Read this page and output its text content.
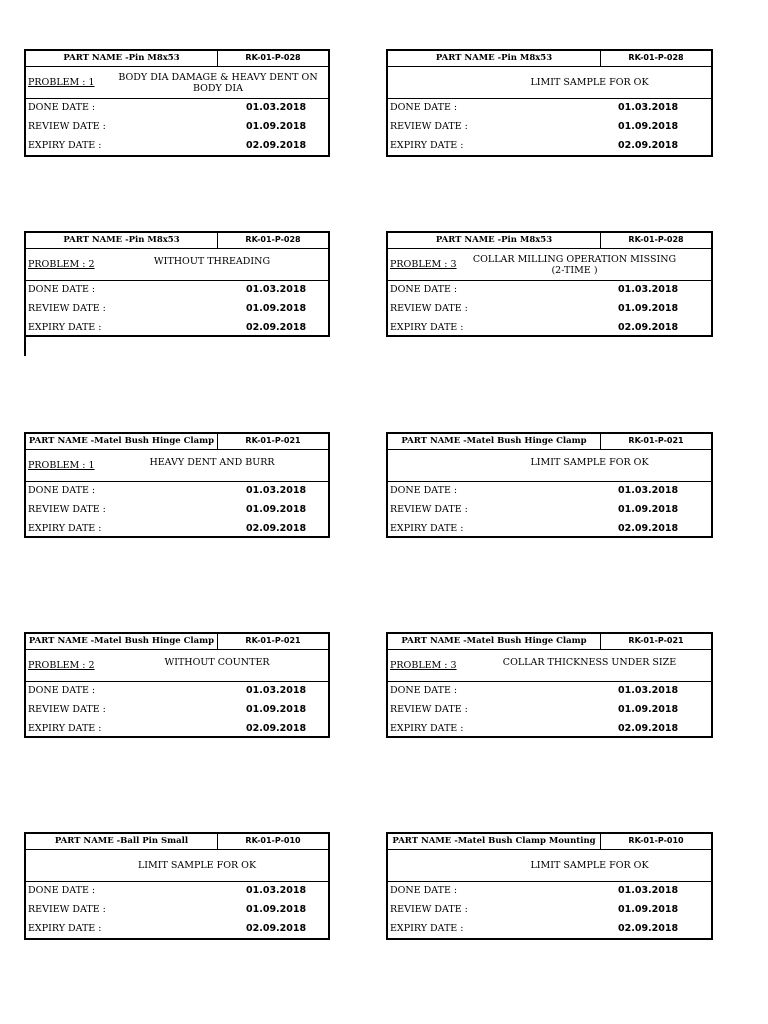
PART NAME -Pin M8x53	RK-01-P-028
PROBLEM : 1	BODY DIA DAMAGE & HEAVY DENT ON BODY DIA
DONE DATE :	01.03.2018
REVIEW DATE :	01.09.2018
EXPIRY DATE :	02.09.2018
PART NAME -Pin M8x53	RK-01-P-028
LIMIT SAMPLE FOR OK
DONE DATE :	01.03.2018
REVIEW DATE :	01.09.2018
EXPIRY DATE :	02.09.2018
PART NAME -Pin M8x53	RK-01-P-028
PROBLEM : 2	WITHOUT THREADING
DONE DATE :	01.03.2018
REVIEW DATE :	01.09.2018
EXPIRY DATE :	02.09.2018
PART NAME -Pin M8x53	RK-01-P-028
PROBLEM : 3	COLLAR MILLING OPERATION MISSING (2-TIME )
DONE DATE :	01.03.2018
REVIEW DATE :	01.09.2018
EXPIRY DATE :	02.09.2018
PART NAME -Matel Bush Hinge Clamp	RK-01-P-021
PROBLEM : 1	HEAVY DENT AND BURR
DONE DATE :	01.03.2018
REVIEW DATE :	01.09.2018
EXPIRY DATE :	02.09.2018
PART NAME -Matel Bush Hinge Clamp	RK-01-P-021
LIMIT SAMPLE FOR OK
DONE DATE :	01.03.2018
REVIEW DATE :	01.09.2018
EXPIRY DATE :	02.09.2018
PART NAME -Matel Bush Hinge Clamp	RK-01-P-021
PROBLEM : 2	WITHOUT COUNTER
DONE DATE :	01.03.2018
REVIEW DATE :	01.09.2018
EXPIRY DATE :	02.09.2018
PART NAME -Matel Bush Hinge Clamp	RK-01-P-021
PROBLEM : 3	COLLAR THICKNESS UNDER SIZE
DONE DATE :	01.03.2018
REVIEW DATE :	01.09.2018
EXPIRY DATE :	02.09.2018
PART NAME -Ball Pin Small	RK-01-P-010
LIMIT SAMPLE FOR OK
DONE DATE :	01.03.2018
REVIEW DATE :	01.09.2018
EXPIRY DATE :	02.09.2018
PART NAME -Matel Bush Clamp Mounting	RK-01-P-010
LIMIT SAMPLE FOR OK
DONE DATE :	01.03.2018
REVIEW DATE :	01.09.2018
EXPIRY DATE :	02.09.2018
